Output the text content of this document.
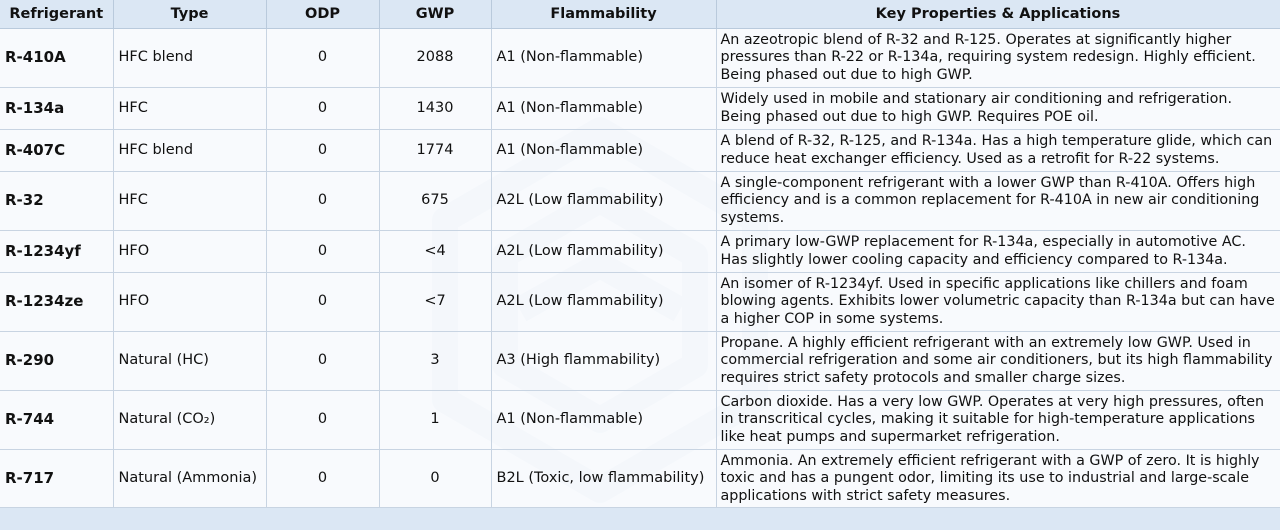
Refrigerant	Type	ODP	GWP	Flammability	Key Properties & Applications
R-410A	HFC blend	0	2088	A1 (Non-flammable)	An azeotropic blend of R-32 and R-125. Operates at significantly higher pressures than R-22 or R-134a, requiring system redesign. Highly efficient. Being phased out due to high GWP.
R-134a	HFC	0	1430	A1 (Non-flammable)	Widely used in mobile and stationary air conditioning and refrigeration. Being phased out due to high GWP. Requires POE oil.
R-407C	HFC blend	0	1774	A1 (Non-flammable)	A blend of R-32, R-125, and R-134a. Has a high temperature glide, which can reduce heat exchanger efficiency. Used as a retrofit for R-22 systems.
R-32	HFC	0	675	A2L (Low flammability)	A single-component refrigerant with a lower GWP than R-410A. Offers high efficiency and is a common replacement for R-410A in new air conditioning systems.
R-1234yf	HFO	0	<4	A2L (Low flammability)	A primary low-GWP replacement for R-134a, especially in automotive AC. Has slightly lower cooling capacity and efficiency compared to R-134a.
R-1234ze	HFO	0	<7	A2L (Low flammability)	An isomer of R-1234yf. Used in specific applications like chillers and foam blowing agents. Exhibits lower volumetric capacity than R-134a but can have a higher COP in some systems.
R-290	Natural (HC)	0	3	A3 (High flammability)	Propane. A highly efficient refrigerant with an extremely low GWP. Used in commercial refrigeration and some air conditioners, but its high flammability requires strict safety protocols and smaller charge sizes.
R-744	Natural (CO₂)	0	1	A1 (Non-flammable)	Carbon dioxide. Has a very low GWP. Operates at very high pressures, often in transcritical cycles, making it suitable for high-temperature applications like heat pumps and supermarket refrigeration.
R-717	Natural (Ammonia)	0	0	B2L (Toxic, low flammability)	Ammonia. An extremely efficient refrigerant with a GWP of zero. It is highly toxic and has a pungent odor, limiting its use to industrial and large-scale applications with strict safety measures.
